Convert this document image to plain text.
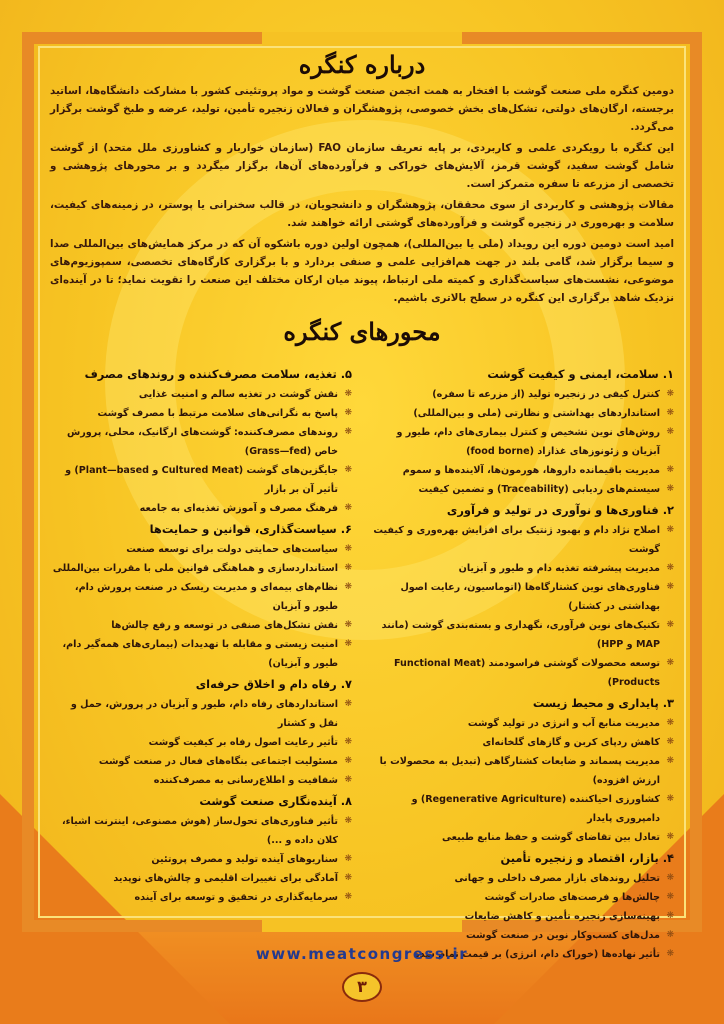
درباره کنگره

دومین کنگره ملی صنعت گوشت با افتخار به همت انجمن صنعت گوشت و مواد پروتئینی کشور با مشارکت دانشگاه‌ها، اساتید برجسته، ارگان‌های دولتی، تشکل‌های بخش خصوصی، پژوهشگران و فعالان زنجیره تأمین، تولید، عرضه و طبخ گوشت برگزار می‌گردد.

این کنگره با رویکردی علمی و کاربردی، بر پایه تعریف سازمان FAO (سازمان خواربار و کشاورزی ملل متحد) از گوشت شامل گوشت سفید، گوشت قرمز، آلایش‌های خوراکی و فرآورده‌های آن‌ها، برگزار میگردد و بر محورهای پژوهشی و تخصصی از مزرعه تا سفره متمرکز است.

مقالات پژوهشی و کاربردی از سوی محققان، پژوهشگران و دانشجویان، در قالب سخنرانی یا پوستر، در زمینه‌های کیفیت، سلامت و بهره‌وری در زنجیره گوشت و فرآورده‌های گوشتی ارائه خواهند شد.

امید است دومین دوره این رویداد (ملی یا بین‌المللی)، همچون اولین دوره باشکوه آن که در مرکز همایش‌های بین‌المللی صدا و سیما برگزار شد، گامی بلند در جهت هم‌افزایی علمی و صنفی بردارد و با برگزاری کارگاه‌های تخصصی، سمپوزیوم‌های موضوعی، نشست‌های سیاست‌گذاری و کمیته ملی ارتباط، پیوند میان ارکان مختلف این صنعت را تقویت نماید؛ تا در آینده‌ای نزدیک شاهد برگزاری این کنگره در سطح بالاتری باشیم.

محورهای کنگره
۱. سلامت، ایمنی و کیفیت گوشت
❋ کنترل کیفی در زنجیره تولید (از مزرعه تا سفره)
❋ استانداردهای بهداشتی و نظارتی (ملی و بین‌المللی)
❋ روش‌های نوین تشخیص و کنترل بیماری‌های دام، طیور و آبزیان و زئونوزهای غذازاد (food borne)
❋ مدیریت باقیمانده داروها، هورمون‌ها، آلاینده‌ها و سموم
❋ سیستم‌های ردیابی (Traceability) و تضمین کیفیت
۲. فناوری‌ها و نوآوری در تولید و فرآوری
❋ اصلاح نژاد دام و بهبود ژنتیک برای افزایش بهره‌وری و کیفیت گوشت
❋ مدیریت پیشرفته تغذیه دام و طیور و آبزیان
❋ فناوری‌های نوین کشتارگاه‌ها (اتوماسیون، رعایت اصول بهداشتی در کشتار)
❋ تکنیک‌های نوین فرآوری، نگهداری و بسته‌بندی گوشت (مانند MAP و HPP)
❋ توسعه محصولات گوشتی فراسودمند (Functional Meat Products)
۳. پایداری و محیط زیست
❋ مدیریت منابع آب و انرژی در تولید گوشت
❋ کاهش ردپای کربن و گازهای گلخانه‌ای
❋ مدیریت پسماند و ضایعات کشتارگاهی (تبدیل به محصولات با ارزش افزوده)
❋ کشاورزی احیاکننده (Regenerative Agriculture) و دامپروری پایدار
❋ تعادل بین تقاضای گوشت و حفظ منابع طبیعی
۴. بازار، اقتصاد و زنجیره تأمین
❋ تحلیل روندهای بازار مصرف داخلی و جهانی
❋ چالش‌ها و فرصت‌های صادرات گوشت
❋ بهینه‌سازی زنجیره تأمین و کاهش ضایعات
❋ مدل‌های کسب‌وکار نوین در صنعت گوشت
❋ تأثیر نهاده‌ها (خوراک دام، انرژی) بر قیمت تمام شده
۵. تغذیه، سلامت مصرف‌کننده و روندهای مصرف
❋ نقش گوشت در تغذیه سالم و امنیت غذایی
❋ پاسخ به نگرانی‌های سلامت مرتبط با مصرف گوشت
❋ روندهای مصرف‌کننده: گوشت‌های ارگانیک، محلی، پرورش خاص (Grass—fed)
❋ جایگزین‌های گوشت (Cultured Meat و Plant—based) و تأثیر آن بر بازار
❋ فرهنگ مصرف و آموزش تغذیه‌ای به جامعه
۶. سیاست‌گذاری، قوانین و حمایت‌ها
❋ سیاست‌های حمایتی دولت برای توسعه صنعت
❋ استانداردسازی و هماهنگی قوانین ملی با مقررات بین‌المللی
❋ نظام‌های بیمه‌ای و مدیریت ریسک در صنعت پرورش دام، طیور و آبزیان
❋ نقش تشکل‌های صنفی در توسعه و رفع چالش‌ها
❋ امنیت زیستی و مقابله با تهدیدات (بیماری‌های همه‌گیر دام، طیور و آبزیان)
۷. رفاه دام و اخلاق حرفه‌ای
❋ استانداردهای رفاه دام، طیور و آبزیان در پرورش، حمل و نقل و کشتار
❋ تأثیر رعایت اصول رفاه بر کیفیت گوشت
❋ مسئولیت اجتماعی بنگاه‌های فعال در صنعت گوشت
❋ شفافیت و اطلاع‌رسانی به مصرف‌کننده
۸. آینده‌نگاری صنعت گوشت
❋ تأثیر فناوری‌های تحول‌ساز (هوش مصنوعی، اینترنت اشیاء، کلان داده و ...)
❋ سناریوهای آینده تولید و مصرف پروتئین
❋ آمادگی برای تغییرات اقلیمی و چالش‌های نوپدید
❋ سرمایه‌گذاری در تحقیق و توسعه برای آینده
www.meatcongress.ir
۳
